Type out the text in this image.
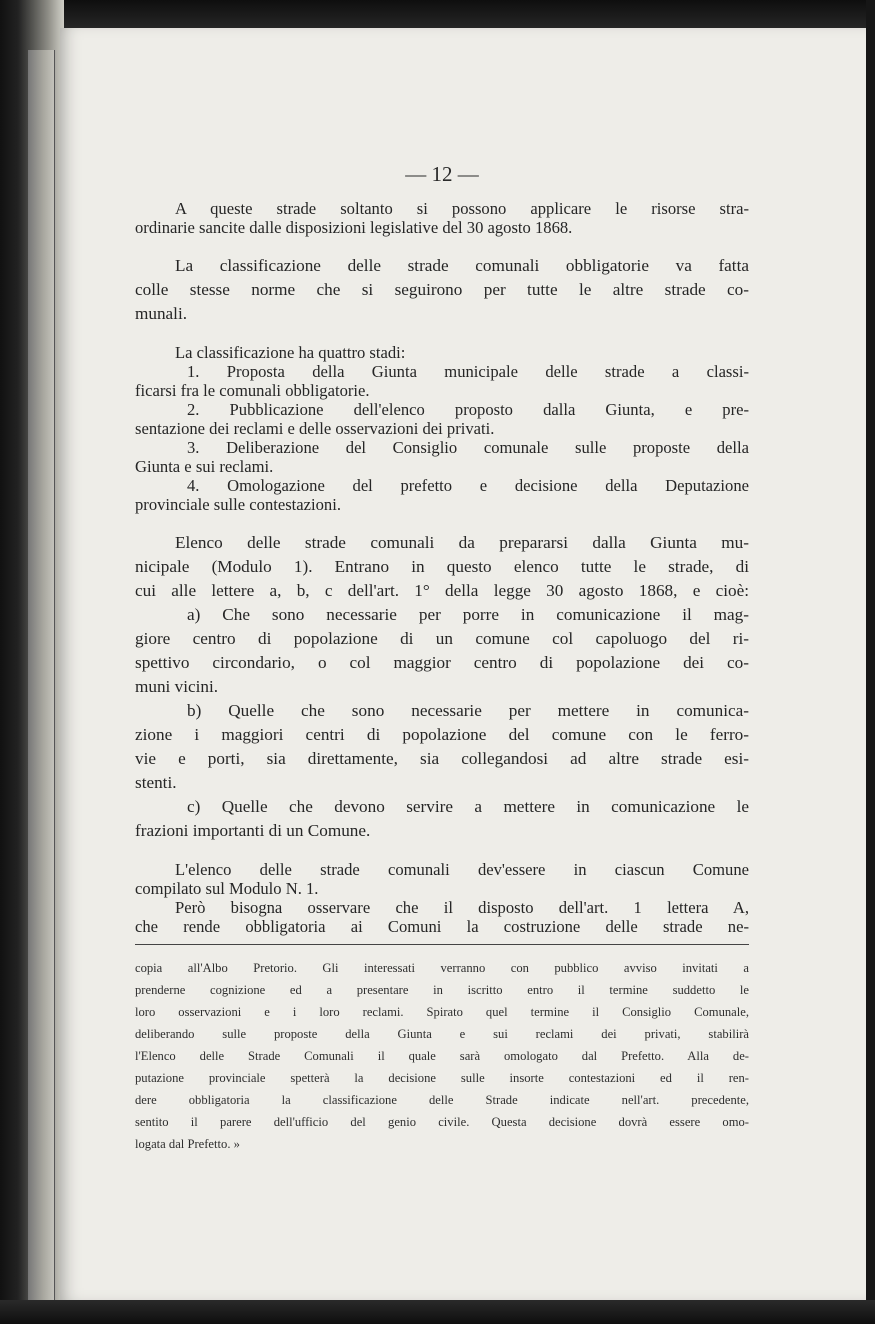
— 12 —
A queste strade soltanto si possono applicare le risorse stra-
ordinarie sancite dalle disposizioni legislative del 30 agosto 1868.
La classificazione delle strade comunali obbligatorie va fatta
colle stesse norme che si seguirono per tutte le altre strade co-
munali.
La classificazione ha quattro stadi:
1. Proposta della Giunta municipale delle strade a classi-
ficarsi fra le comunali obbligatorie.
2. Pubblicazione dell'elenco proposto dalla Giunta, e pre-
sentazione dei reclami e delle osservazioni dei privati.
3. Deliberazione del Consiglio comunale sulle proposte della
Giunta e sui reclami.
4. Omologazione del prefetto e decisione della Deputazione
provinciale sulle contestazioni.
Elenco delle strade comunali da prepararsi dalla Giunta mu-
nicipale (Modulo 1). Entrano in questo elenco tutte le strade, di
cui alle lettere a, b, c dell'art. 1° della legge 30 agosto 1868, e cioè:
a) Che sono necessarie per porre in comunicazione il mag-
giore centro di popolazione di un comune col capoluogo del ri-
spettivo circondario, o col maggior centro di popolazione dei co-
muni vicini.
b) Quelle che sono necessarie per mettere in comunica-
zione i maggiori centri di popolazione del comune con le ferro-
vie e porti, sia direttamente, sia collegandosi ad altre strade esi-
stenti.
c) Quelle che devono servire a mettere in comunicazione le
frazioni importanti di un Comune.
L'elenco delle strade comunali dev'essere in ciascun Comune
compilato sul Modulo N. 1.
Però bisogna osservare che il disposto dell'art. 1 lettera A,
che rende obbligatoria ai Comuni la costruzione delle strade ne-
copia all'Albo Pretorio. Gli interessati verranno con pubblico avviso invitati a
prenderne cognizione ed a presentare in iscritto entro il termine suddetto le
loro osservazioni e i loro reclami. Spirato quel termine il Consiglio Comunale,
deliberando sulle proposte della Giunta e sui reclami dei privati, stabilirà
l'Elenco delle Strade Comunali il quale sarà omologato dal Prefetto. Alla de-
putazione provinciale spetterà la decisione sulle insorte contestazioni ed il ren-
dere obbligatoria la classificazione delle Strade indicate nell'art. precedente,
sentito il parere dell'ufficio del genio civile. Questa decisione dovrà essere omo-
logata dal Prefetto. »
